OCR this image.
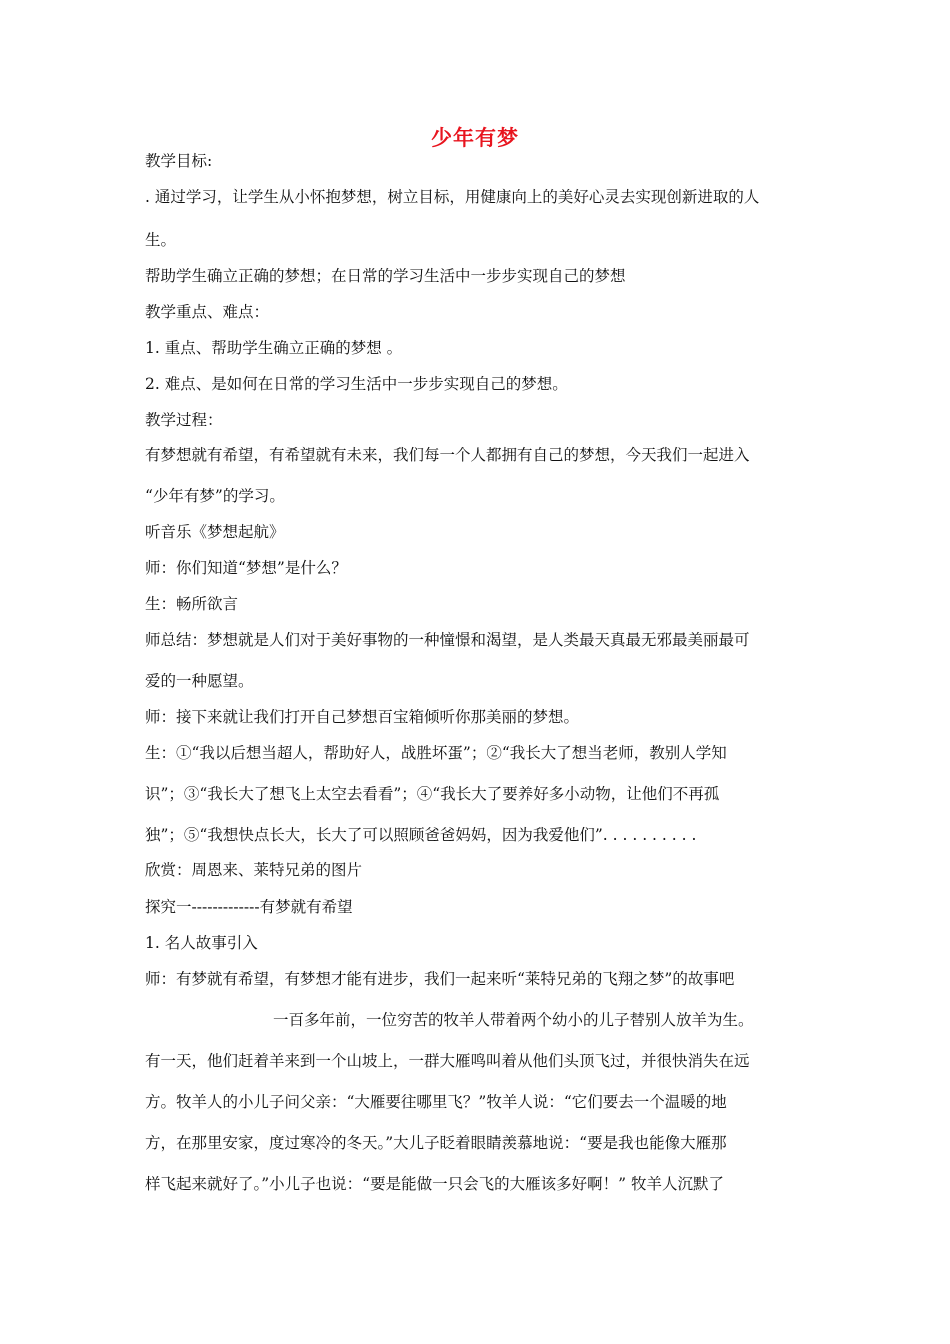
少年有梦
教学目标:
. 通过学习，让学生从小怀抱梦想，树立目标，用健康向上的美好心灵去实现创新进取的人
生。
帮助学生确立正确的梦想；在日常的学习生活中一步步实现自己的梦想
教学重点、难点：
1. 重点、帮助学生确立正确的梦想 。
2. 难点、是如何在日常的学习生活中一步步实现自己的梦想。
教学过程：
有梦想就有希望，有希望就有未来，我们每一个人都拥有自己的梦想，今天我们一起进入
“少年有梦”的学习。
听音乐《梦想起航》
师：你们知道“梦想”是什么？
生：畅所欲言
师总结：梦想就是人们对于美好事物的一种憧憬和渴望，是人类最天真最无邪最美丽最可
爱的一种愿望。
师：接下来就让我们打开自己梦想百宝箱倾听你那美丽的梦想。
生：①“我以后想当超人，帮助好人，战胜坏蛋”；②“我长大了想当老师，教别人学知
识”；③“我长大了想飞上太空去看看”；④“我长大了要养好多小动物，让他们不再孤
独”；⑤“我想快点长大，长大了可以照顾爸爸妈妈，因为我爱他们”. . . . . . . . . .
欣赏：周恩来、莱特兄弟的图片
探究一-------------有梦就有希望
1. 名人故事引入
师：有梦就有希望，有梦想才能有进步，我们一起来听“莱特兄弟的飞翔之梦”的故事吧
一百多年前，一位穷苦的牧羊人带着两个幼小的儿子替别人放羊为生。
有一天，他们赶着羊来到一个山坡上，一群大雁鸣叫着从他们头顶飞过，并很快消失在远
方。牧羊人的小儿子问父亲：“大雁要往哪里飞？”牧羊人说：“它们要去一个温暖的地
方，在那里安家，度过寒冷的冬天。”大儿子眨着眼睛羡慕地说：“要是我也能像大雁那
样飞起来就好了。”小儿子也说：“要是能做一只会飞的大雁该多好啊！” 牧羊人沉默了
